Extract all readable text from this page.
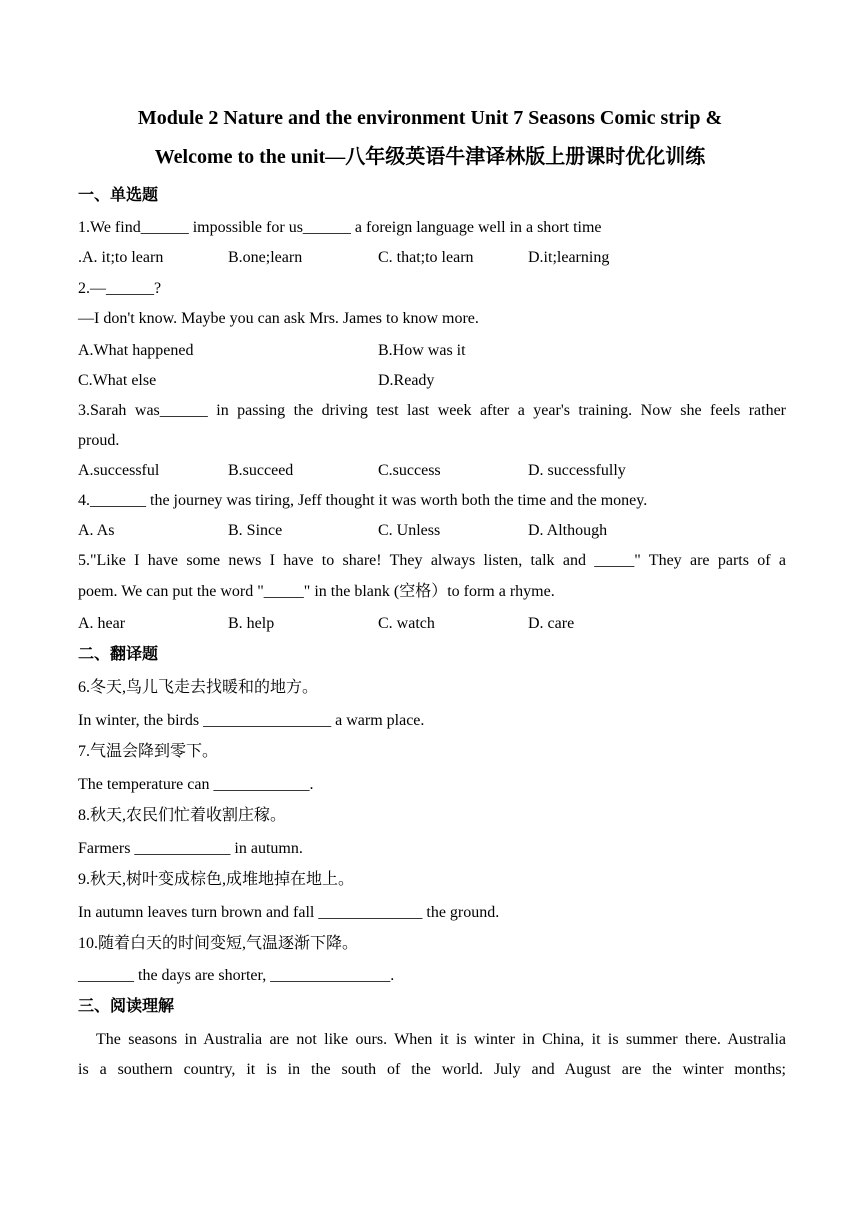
Module 2 Nature and the environment Unit 7 Seasons Comic strip &
Welcome to the unit—八年级英语牛津译林版上册课时优化训练
一、单选题
1.We find______ impossible for us______ a foreign language well in a short time
.A. it;to learn	B.one;learn	C. that;to learn	D.it;learning
2.—______?
—I don't know. Maybe you can ask Mrs. James to know more.
A.What happened	B.How was it
C.What else	D.Ready
3.Sarah was______ in passing the driving test last week after a year's training. Now she feels rather
proud.
A.successful	B.succeed	C.success	D. successfully
4._______ the journey was tiring, Jeff thought it was worth both the time and the money.
A. As	B. Since	C. Unless	D. Although
5."Like I have some news I have to share! They always listen, talk and _____" They are parts of a
poem. We can put the word "_____" in the blank (空格）to form a rhyme.
A. hear	B. help	C. watch	D. care
二、翻译题
6.冬天,鸟儿飞走去找暖和的地方。
In winter, the birds ________________ a warm place.
7.气温会降到零下。
The temperature can ____________.
8.秋天,农民们忙着收割庄稼。
Farmers ____________ in autumn.
9.秋天,树叶变成棕色,成堆地掉在地上。
In autumn leaves turn brown and fall _____________ the ground.
10.随着白天的时间变短,气温逐渐下降。
_______ the days are shorter, _______________.
三、阅读理解
The seasons in Australia are not like ours. When it is winter in China, it is summer there. Australia
is a southern country, it is in the south of the world. July and August are the winter months;
